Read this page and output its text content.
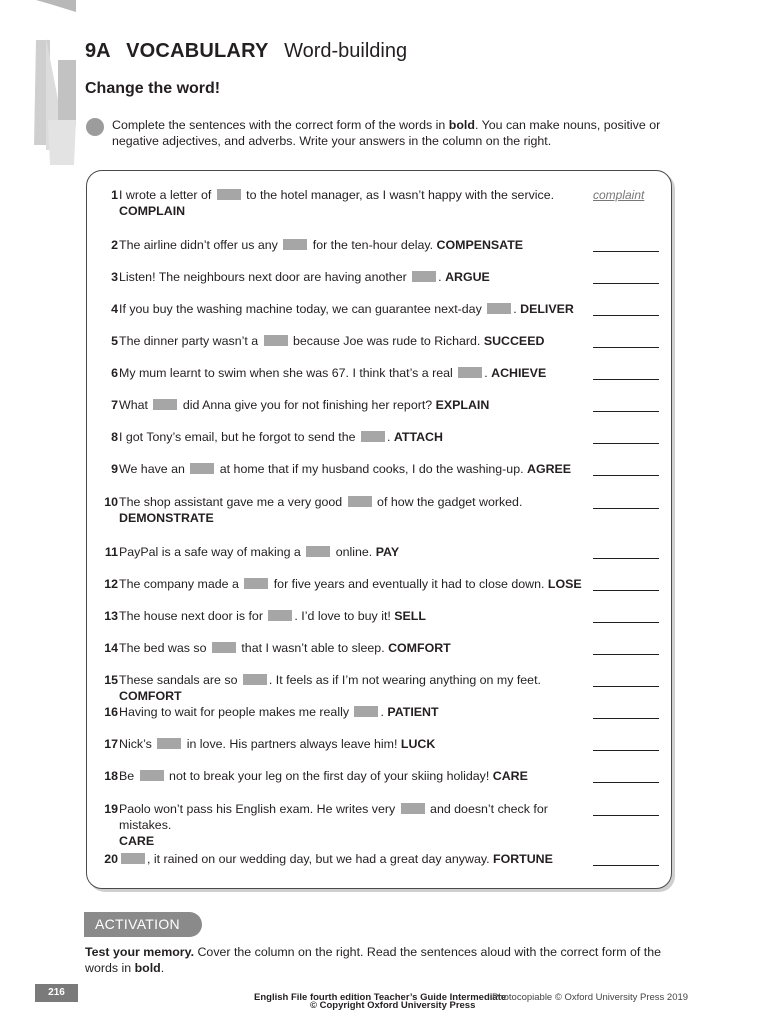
9A VOCABULARY Word-building
Change the word!
Complete the sentences with the correct form of the words in bold. You can make nouns, positive or negative adjectives, and adverbs. Write your answers in the column on the right.
complaint
1I wrote a letter of  to the hotel manager, as I wasn’t happy with the service.
COMPLAIN
2The airline didn’t offer us any  for the ten-hour delay. COMPENSATE
3Listen! The neighbours next door are having another . ARGUE
4If you buy the washing machine today, we can guarantee next-day . DELIVER
5The dinner party wasn’t a  because Joe was rude to Richard. SUCCEED
6My mum learnt to swim when she was 67. I think that’s a real . ACHIEVE
7What  did Anna give you for not finishing her report? EXPLAIN
8I got Tony’s email, but he forgot to send the . ATTACH
9We have an  at home that if my husband cooks, I do the washing-up. AGREE
10The shop assistant gave me a very good  of how the gadget worked.
DEMONSTRATE
11PayPal is a safe way of making a  online. PAY
12The company made a  for five years and eventually it had to close down. LOSE
13The house next door is for . I’d love to buy it! SELL
14The bed was so  that I wasn’t able to sleep. COMFORT
15These sandals are so . It feels as if I’m not wearing anything on my feet. COMFORT
16Having to wait for people makes me really . PATIENT
17Nick’s  in love. His partners always leave him! LUCK
18Be  not to break your leg on the first day of your skiing holiday! CARE
19Paolo won’t pass his English exam. He writes very  and doesn’t check for mistakes.
CARE
20 , it rained on our wedding day, but we had a great day anyway. FORTUNE
ACTIVATION
Test your memory. Cover the column on the right. Read the sentences aloud with the correct form of the words in bold.
216	English File fourth edition Teacher’s Guide Intermediate
Photocopiable © Oxford University Press 2019
© Copyright Oxford University Press
